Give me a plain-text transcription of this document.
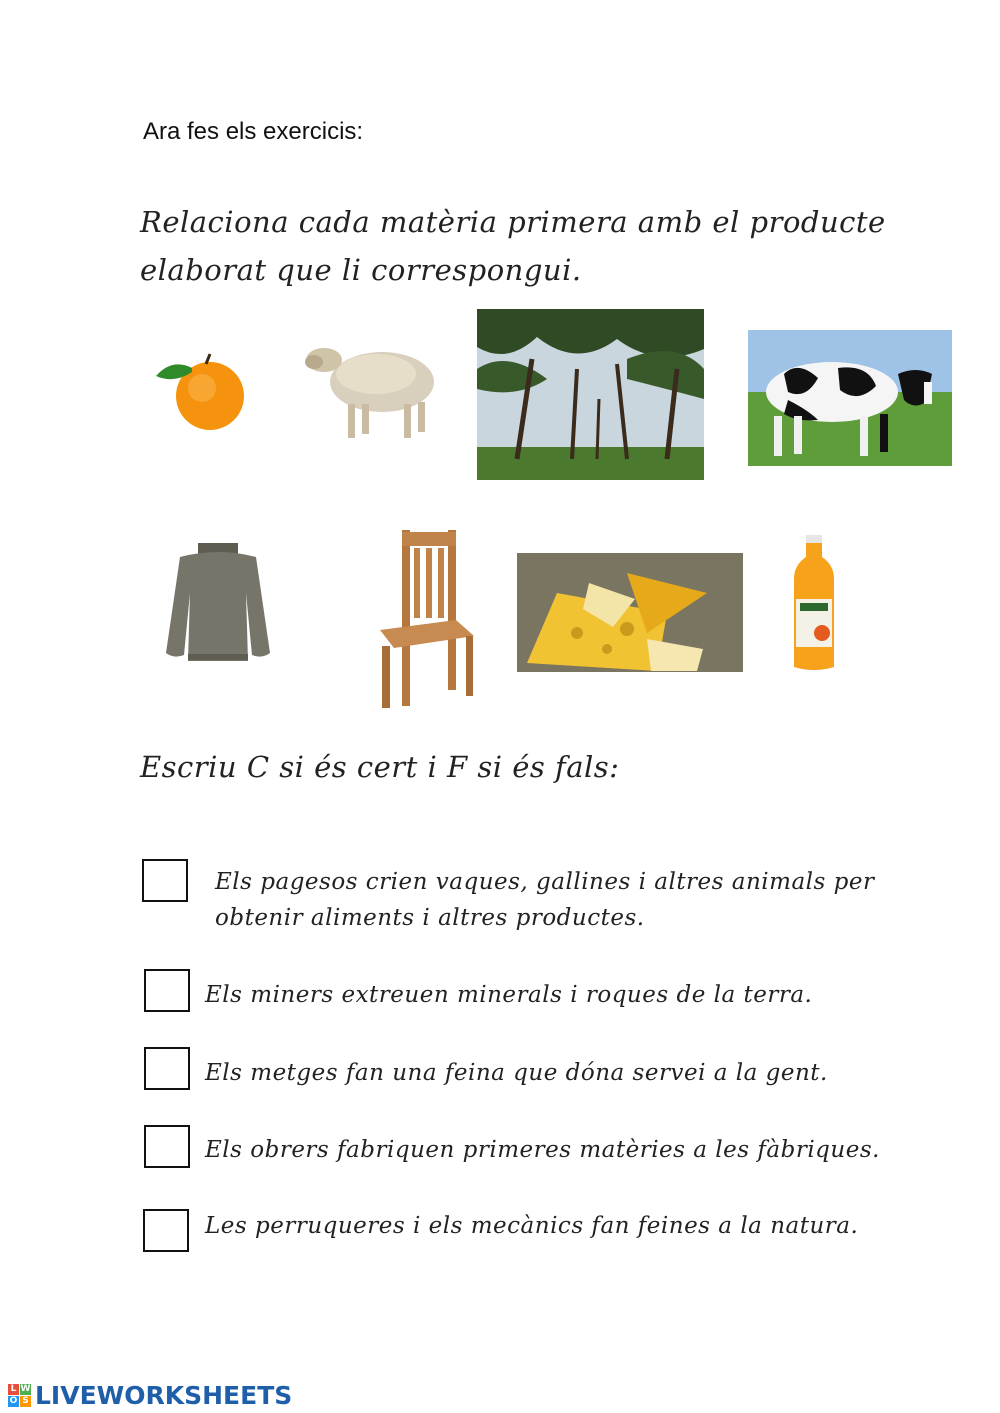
Ara fes els exercicis:
Relaciona cada matèria primera amb el producte
elaborat que li correspongui.
Escriu C si és cert i F si és fals:
Els pagesos crien vaques, gallines i altres animals per
obtenir aliments i altres productes.
Els miners extreuen minerals i roques de la terra.
Els metges fan una feina que dóna servei a la gent.
Els obrers fabriquen primeres matèries a les fàbriques.
Les perruqueres i els mecànics fan feines a la natura.
L W
O S LIVEWORKSHEETS
